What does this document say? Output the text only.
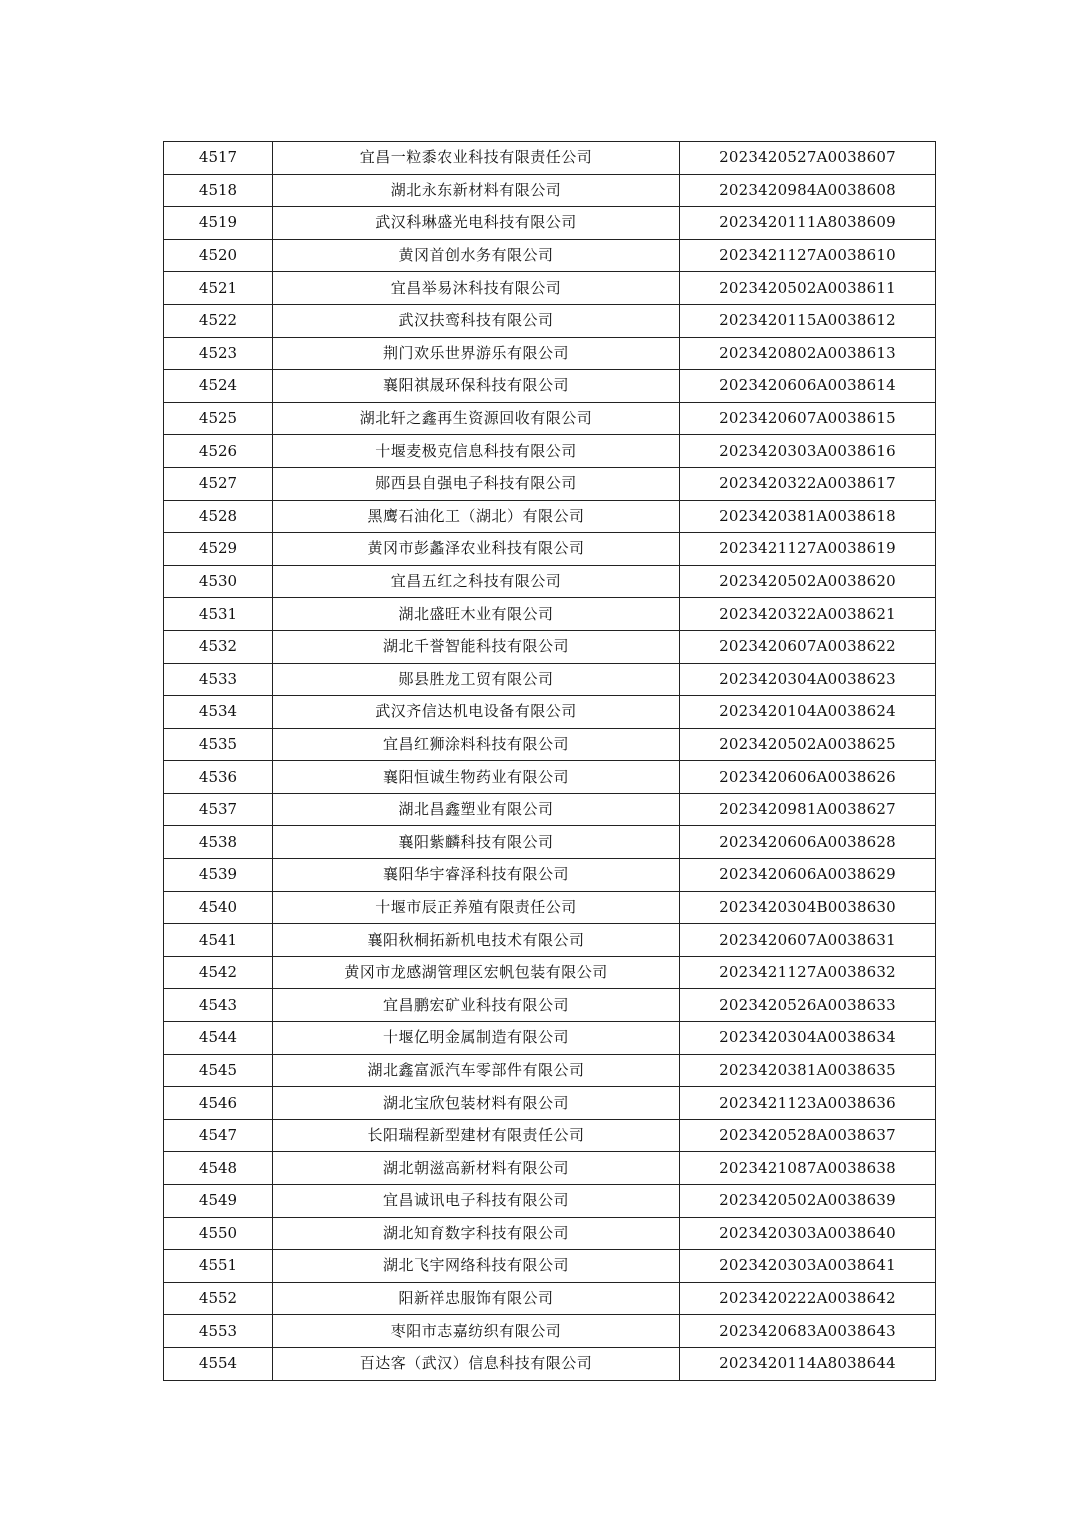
4517	宜昌一粒黍农业科技有限责任公司	2023420527A0038607
4518	湖北永东新材料有限公司	2023420984A0038608
4519	武汉科琳盛光电科技有限公司	2023420111A8038609
4520	黄冈首创水务有限公司	2023421127A0038610
4521	宜昌举易沐科技有限公司	2023420502A0038611
4522	武汉扶鸾科技有限公司	2023420115A0038612
4523	荆门欢乐世界游乐有限公司	2023420802A0038613
4524	襄阳祺晟环保科技有限公司	2023420606A0038614
4525	湖北轩之鑫再生资源回收有限公司	2023420607A0038615
4526	十堰麦极克信息科技有限公司	2023420303A0038616
4527	郧西县自强电子科技有限公司	2023420322A0038617
4528	黑鹰石油化工（湖北）有限公司	2023420381A0038618
4529	黄冈市彭蠡泽农业科技有限公司	2023421127A0038619
4530	宜昌五红之科技有限公司	2023420502A0038620
4531	湖北盛旺木业有限公司	2023420322A0038621
4532	湖北千誉智能科技有限公司	2023420607A0038622
4533	郧县胜龙工贸有限公司	2023420304A0038623
4534	武汉齐信达机电设备有限公司	2023420104A0038624
4535	宜昌红狮涂料科技有限公司	2023420502A0038625
4536	襄阳恒诚生物药业有限公司	2023420606A0038626
4537	湖北昌鑫塑业有限公司	2023420981A0038627
4538	襄阳紫麟科技有限公司	2023420606A0038628
4539	襄阳华宇睿泽科技有限公司	2023420606A0038629
4540	十堰市辰正养殖有限责任公司	2023420304B0038630
4541	襄阳秋桐拓新机电技术有限公司	2023420607A0038631
4542	黄冈市龙感湖管理区宏帆包装有限公司	2023421127A0038632
4543	宜昌鹏宏矿业科技有限公司	2023420526A0038633
4544	十堰亿明金属制造有限公司	2023420304A0038634
4545	湖北鑫富派汽车零部件有限公司	2023420381A0038635
4546	湖北宝欣包装材料有限公司	2023421123A0038636
4547	长阳瑞程新型建材有限责任公司	2023420528A0038637
4548	湖北朝滋高新材料有限公司	2023421087A0038638
4549	宜昌诚讯电子科技有限公司	2023420502A0038639
4550	湖北知育数字科技有限公司	2023420303A0038640
4551	湖北飞宇网络科技有限公司	2023420303A0038641
4552	阳新祥忠服饰有限公司	2023420222A0038642
4553	枣阳市志嘉纺织有限公司	2023420683A0038643
4554	百达客（武汉）信息科技有限公司	2023420114A8038644
